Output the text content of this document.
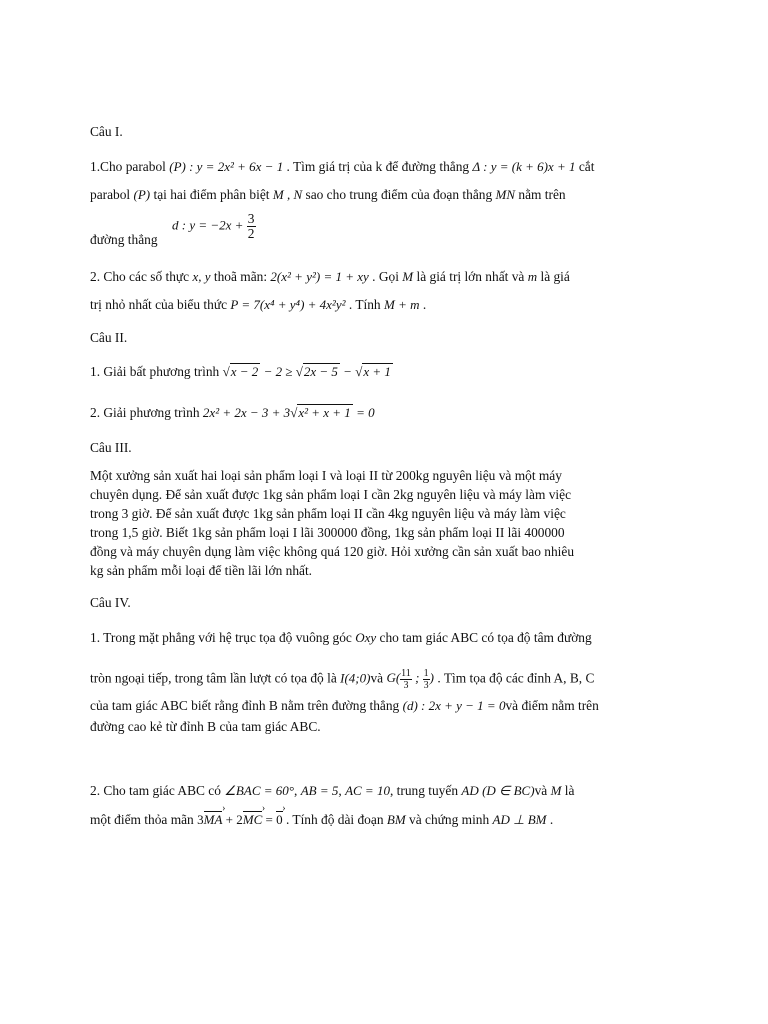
Câu I.
1.Cho parabol (P) : y = 2x² + 6x − 1 . Tìm giá trị của k để đường thẳng Δ : y = (k + 6)x + 1 cắt
parabol (P) tại hai điểm phân biệt M , N sao cho trung điểm của đoạn thẳng MN nằm trên
d : $y = -2x + \frac{3}{2}$
đường thẳng
2. Cho các số thực x, y thoã mãn: 2(x² + y²) = 1 + xy . Gọi M là giá trị lớn nhất và m là giá
trị nhỏ nhất của biểu thức P = 7(x⁴ + y⁴) + 4x²y² . Tính M + m .
Câu II.
1. Giải bất phương trình √x − 2 − 2 ≥ √2x − 5 − √x + 1
2. Giải phương trình 2x² + 2x − 3 + 3√x² + x + 1 = 0
Câu III.
Một xưởng sản xuất hai loại sản phẩm loại I và loại II từ 200kg nguyên liệu và một máy
chuyên dụng. Để sản xuất được 1kg sản phẩm loại I cần 2kg nguyên liệu và máy làm việc
trong 3 giờ. Để sản xuất được 1kg sản phẩm loại II cần 4kg nguyên liệu và máy làm việc
trong 1,5 giờ. Biết 1kg sản phẩm loại I lãi 300000 đồng, 1kg sản phẩm loại II lãi 400000
đồng và máy chuyên dụng làm việc không quá 120 giờ. Hỏi xưởng cần sản xuất bao nhiêu
kg sản phẩm mỗi loại để tiền lãi lớn nhất.
Câu IV.
1. Trong mặt phẳng với hệ trục tọa độ vuông góc Oxy cho tam giác ABC có tọa độ tâm đường
tròn ngoại tiếp, trong tâm lần lượt có tọa độ là I(4;0)và $G( \frac{11}{3}$ ; $\frac{1}{3}$ ) . Tìm tọa độ các đỉnh A, B, C
của tam giác ABC biết rằng đỉnh B nằm trên đường thẳng (d) : 2x + y − 1 = 0và điểm nằm trên
đường cao kẻ từ đỉnh B của tam giác ABC.
2. Cho tam giác ABC có ∠BAC = 60°, AB = 5, AC = 10, trung tuyến AD (D ∈ BC)và M là
một điểm thỏa mãn 3MA › + 2MC › = 0 › . Tính độ dài đoạn BM và chứng minh AD ⊥ BM .
